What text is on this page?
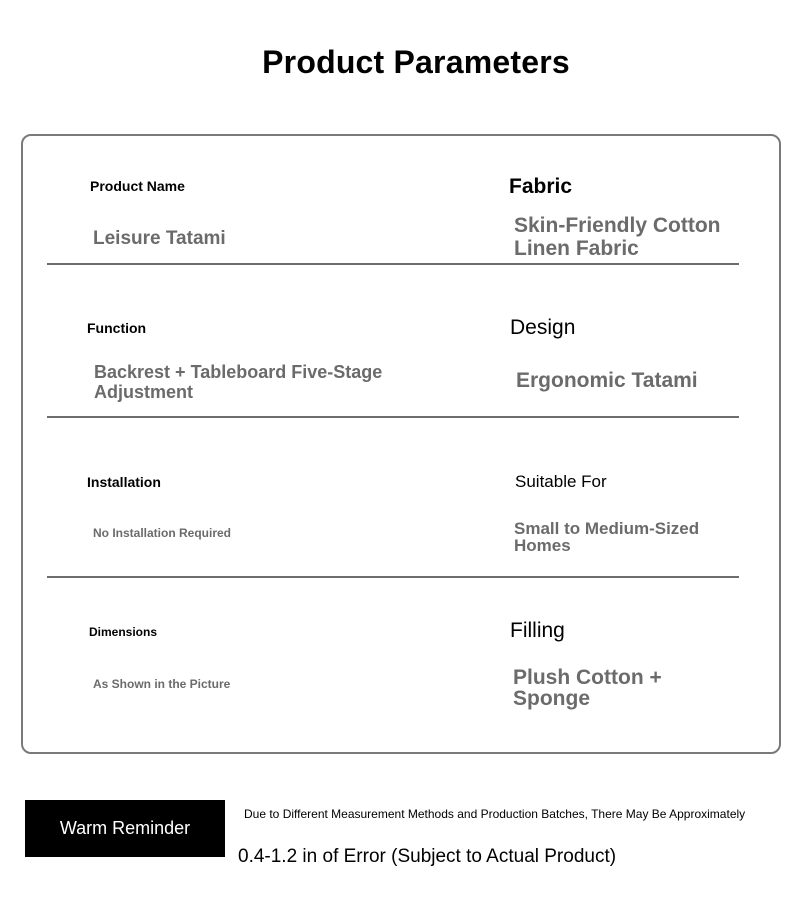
Product Parameters
Product Name
Leisure Tatami
Fabric
Skin-Friendly Cotton
Linen Fabric
Function
Backrest + Tableboard Five-Stage
Adjustment
Design
Ergonomic Tatami
Installation
No Installation Required
Suitable For
Small to Medium-Sized
Homes
Dimensions
As Shown in the Picture
Filling
Plush Cotton +
Sponge
Warm Reminder
Due to Different Measurement Methods and Production Batches, There May Be Approximately
0.4-1.2 in of Error (Subject to Actual Product)
